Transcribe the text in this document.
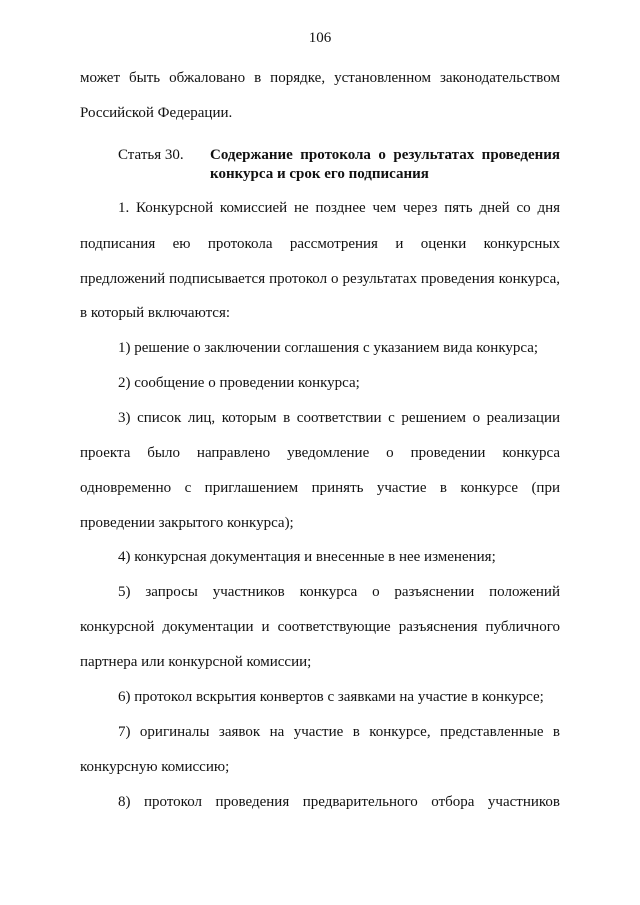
106
может быть обжаловано в порядке, установленном законодательством
Российской Федерации.
Статья 30. Содержание протокола о результатах проведения
конкурса и срок его подписания
1. Конкурсной комиссией не позднее чем через пять дней со дня
подписания ею протокола рассмотрения и оценки конкурсных
предложений подписывается протокол о результатах проведения конкурса,
в который включаются:
1) решение о заключении соглашения с указанием вида конкурса;
2) сообщение о проведении конкурса;
3) список лиц, которым в соответствии с решением о реализации
проекта было направлено уведомление о проведении конкурса
одновременно с приглашением принять участие в конкурсе (при
проведении закрытого конкурса);
4) конкурсная документация и внесенные в нее изменения;
5) запросы участников конкурса о разъяснении положений
конкурсной документации и соответствующие разъяснения публичного
партнера или конкурсной комиссии;
6) протокол вскрытия конвертов с заявками на участие в конкурсе;
7) оригиналы заявок на участие в конкурсе, представленные в
конкурсную комиссию;
8) протокол проведения предварительного отбора участников
